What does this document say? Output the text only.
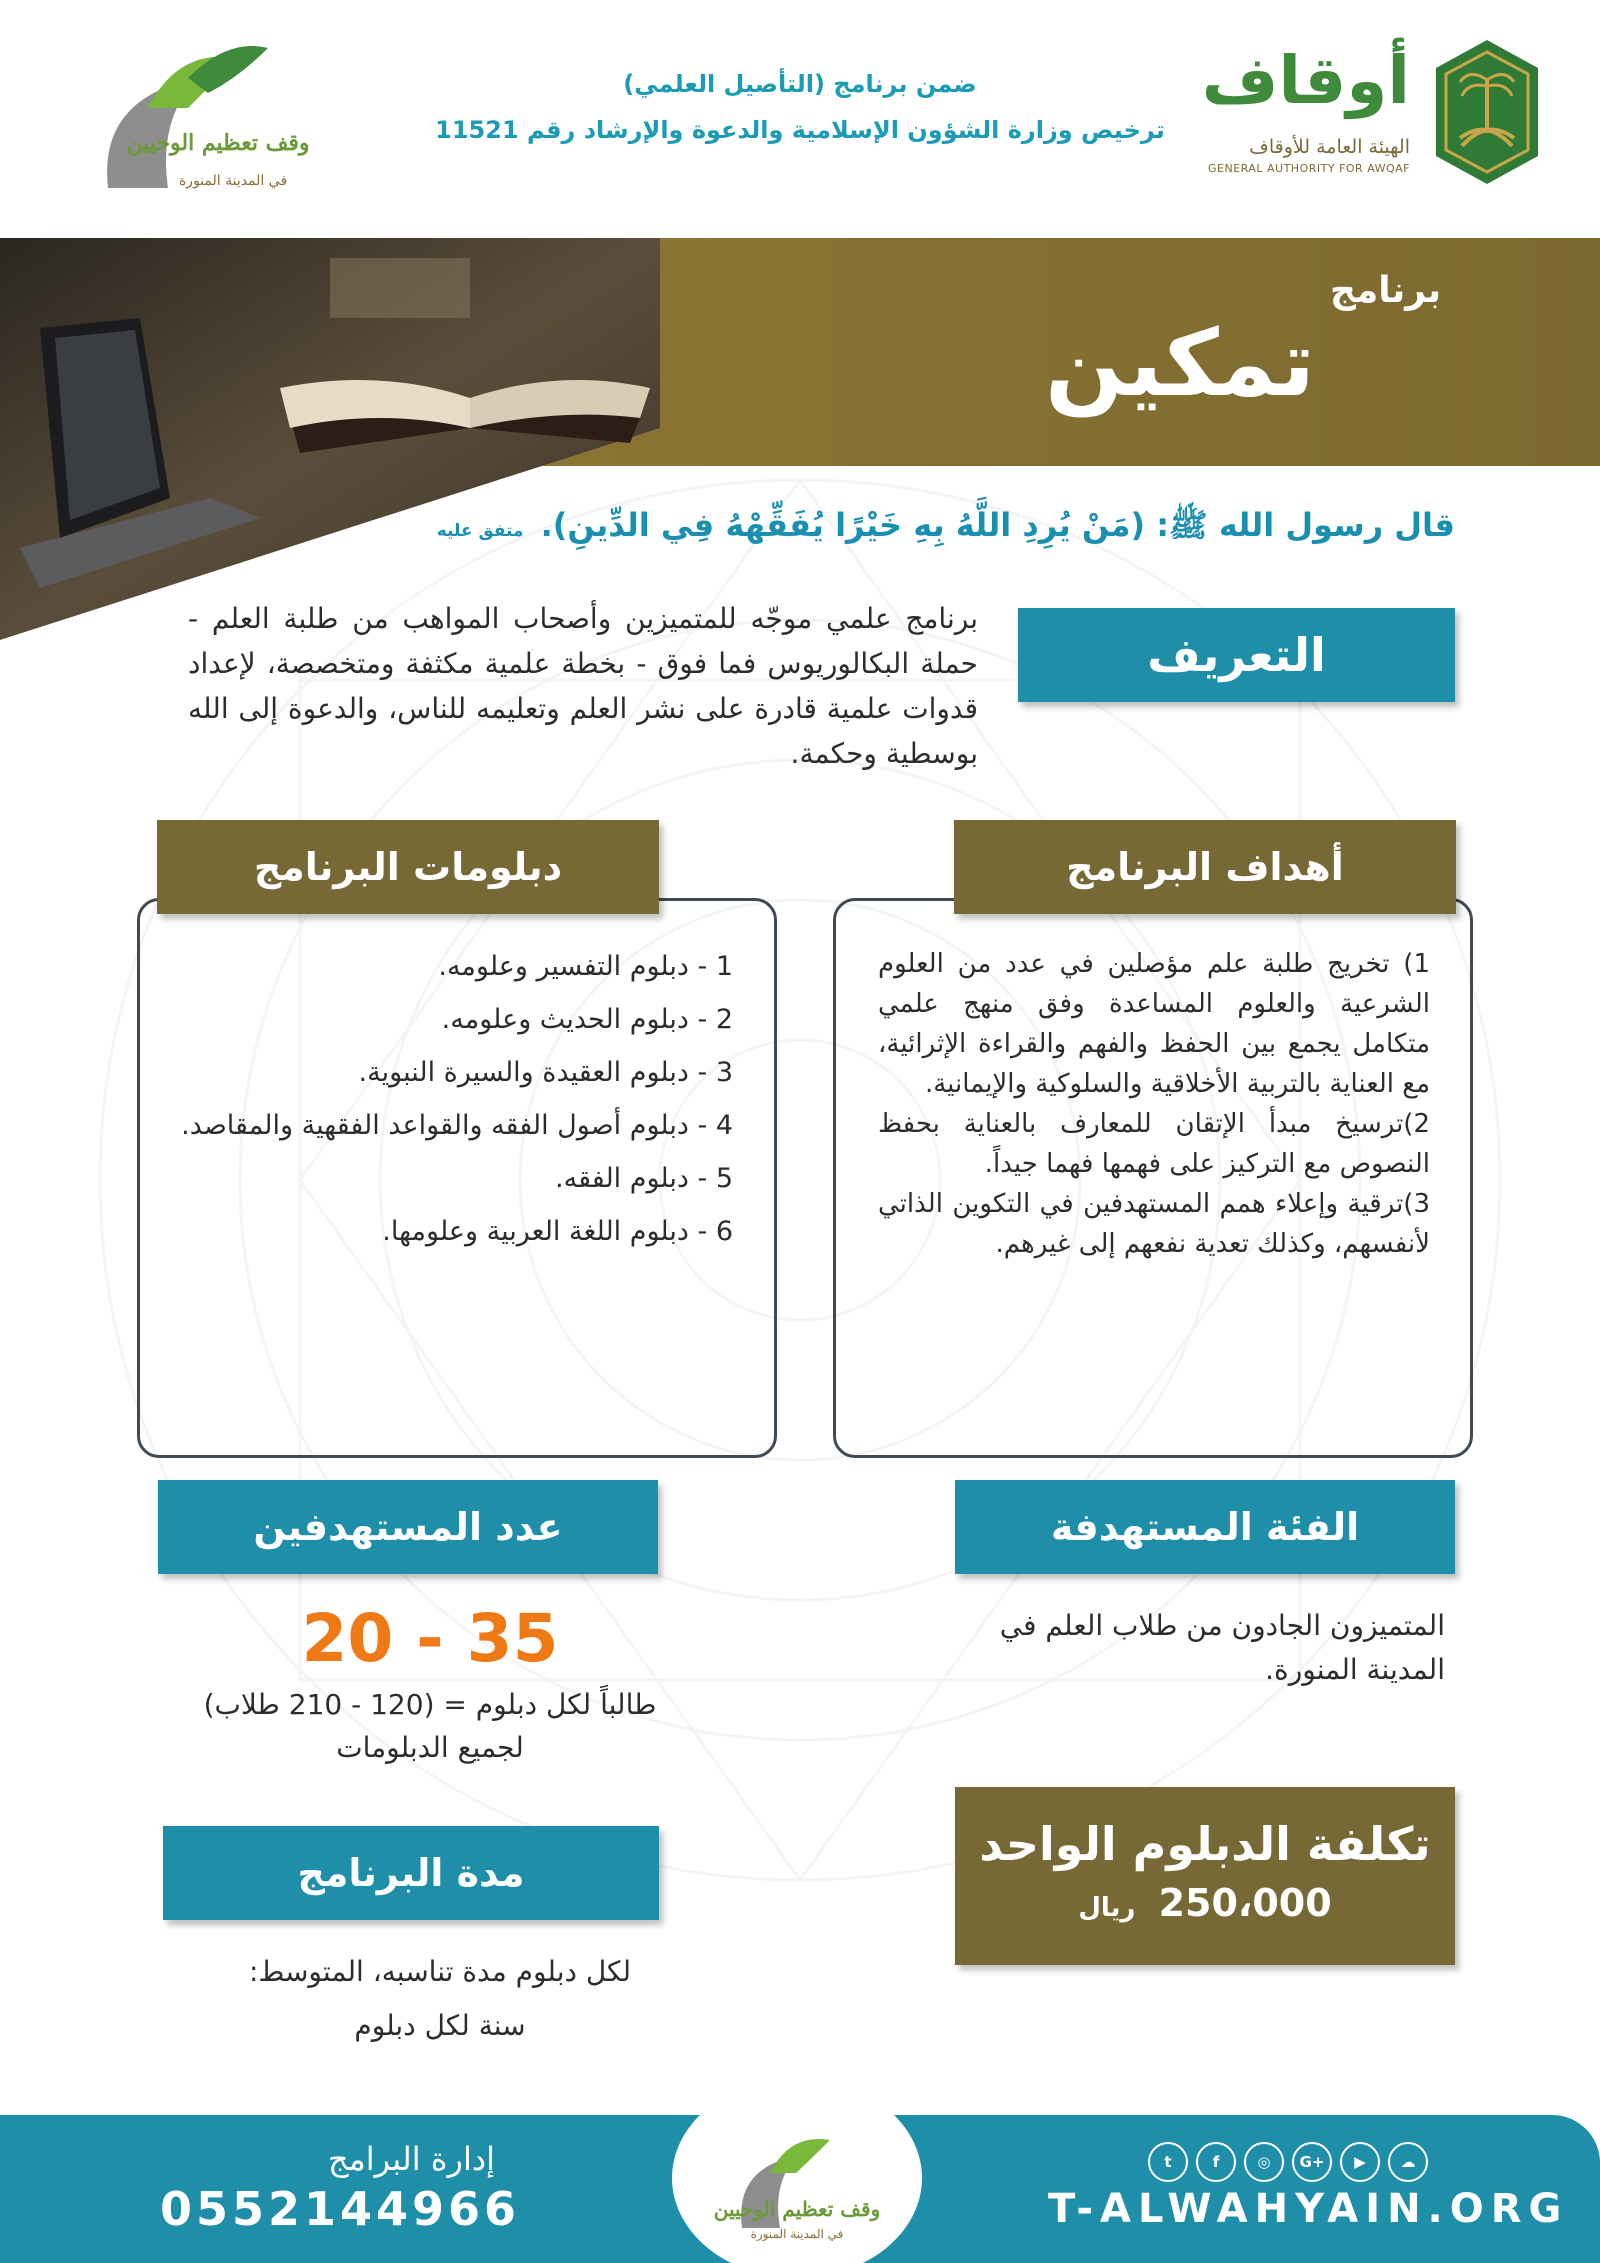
أوقاف
الهيئة العامة للأوقاف
GENERAL AUTHORITY FOR AWQAF
ضمن برنامج (التأصيل العلمي)
ترخيص وزارة الشؤون الإسلامية والدعوة والإرشاد رقم 11521
وقف تعظيم الوحيين
في المدينة المنورة
برنامج
تمكين
قال رسول الله ﷺ: (مَنْ يُرِدِ اللَّهُ بِهِ خَيْرًا يُفَقِّهْهُ فِي الدِّينِ). متفق عليه
التعريف
برنامج علمي موجّه للمتميزين وأصحاب المواهب من طلبة العلم - حملة البكالوريوس فما فوق - بخطة علمية مكثفة ومتخصصة، لإعداد قدوات علمية قادرة على نشر العلم وتعليمه للناس، والدعوة إلى الله بوسطية وحكمة.
دبلومات البرنامج
1 - دبلوم التفسير وعلومه.
2 - دبلوم الحديث وعلومه.
3 - دبلوم العقيدة والسيرة النبوية.
4 - دبلوم أصول الفقه والقواعد الفقهية والمقاصد.
5 - دبلوم الفقه.
6 - دبلوم اللغة العربية وعلومها.
أهداف البرنامج

1) تخريج طلبة علم مؤصلين في عدد من العلوم الشرعية والعلوم المساعدة وفق منهج علمي متكامل يجمع بين الحفظ والفهم والقراءة الإثرائية، مع العناية بالتربية الأخلاقية والسلوكية والإيمانية.

2)ترسيخ مبدأ الإتقان للمعارف بالعناية بحفظ النصوص مع التركيز على فهمها فهما جيداً.

3)ترقية وإعلاء همم المستهدفين في التكوين الذاتي لأنفسهم، وكذلك تعدية نفعهم إلى غيرهم.

عدد المستهدفين
20 - 35
طالباً لكل دبلوم = (120 - 210 طلاب)
لجميع الدبلومات
الفئة المستهدفة
المتميزون الجادون من طلاب العلم في المدينة المنورة.
مدة البرنامج
لكل دبلوم مدة تناسبه، المتوسط:
سنة لكل دبلوم
تكلفة الدبلوم الواحد
250،000 ريال
وقف تعظيم الوحيين
في المدينة المنورة
إدارة البرامج
0552144966
t	f	◎	G+	▶	☁
T-ALWAHYAIN.ORG
